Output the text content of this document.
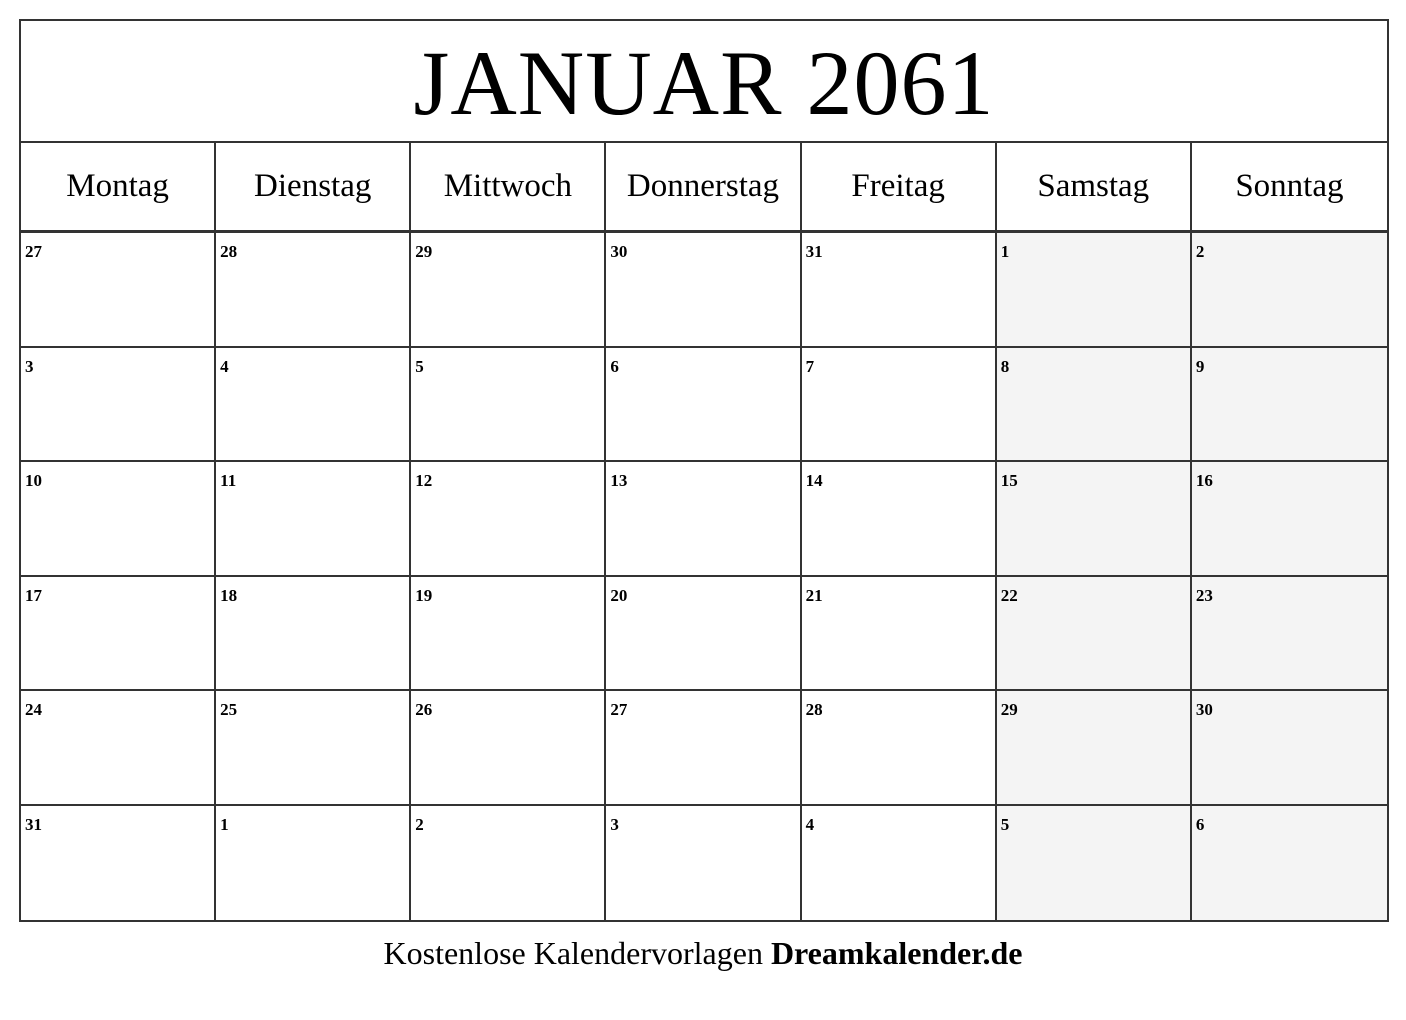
JANUAR 2061
Montag	Dienstag	Mittwoch	Donnerstag	Freitag	Samstag	Sonntag
27	28	29	30	31	1	2
3	4	5	6	7	8	9
10	11	12	13	14	15	16
17	18	19	20	21	22	23
24	25	26	27	28	29	30
31	1	2	3	4	5	6
Kostenlose Kalendervorlagen Dreamkalender.de
